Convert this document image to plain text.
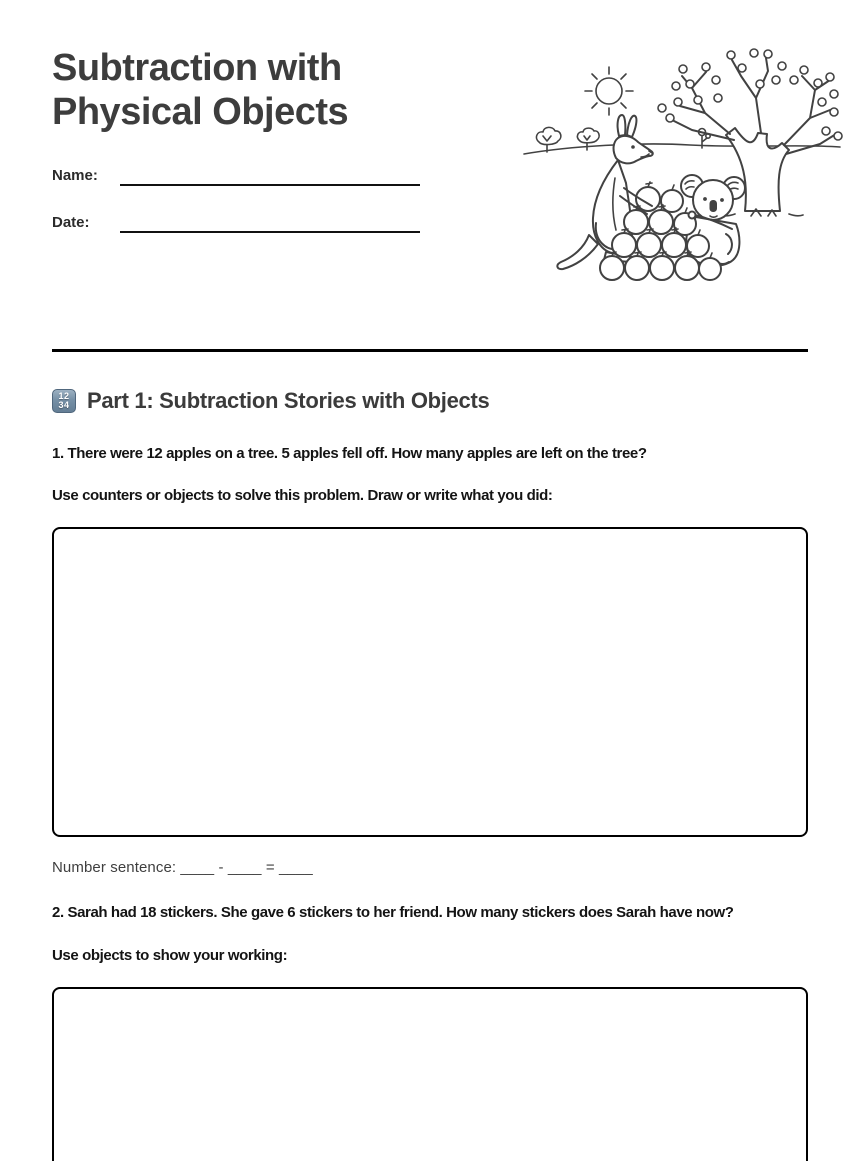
Subtraction with
Physical Objects
Name:
Date:
12
34 Part 1: Subtraction Stories with Objects

1. There were 12 apples on a tree. 5 apples fell off. How many apples are left on the tree?

Use counters or objects to solve this problem. Draw or write what you did:

Number sentence: ____ - ____ = ____

2. Sarah had 18 stickers. She gave 6 stickers to her friend. How many stickers does Sarah have now?

Use objects to show your working:
